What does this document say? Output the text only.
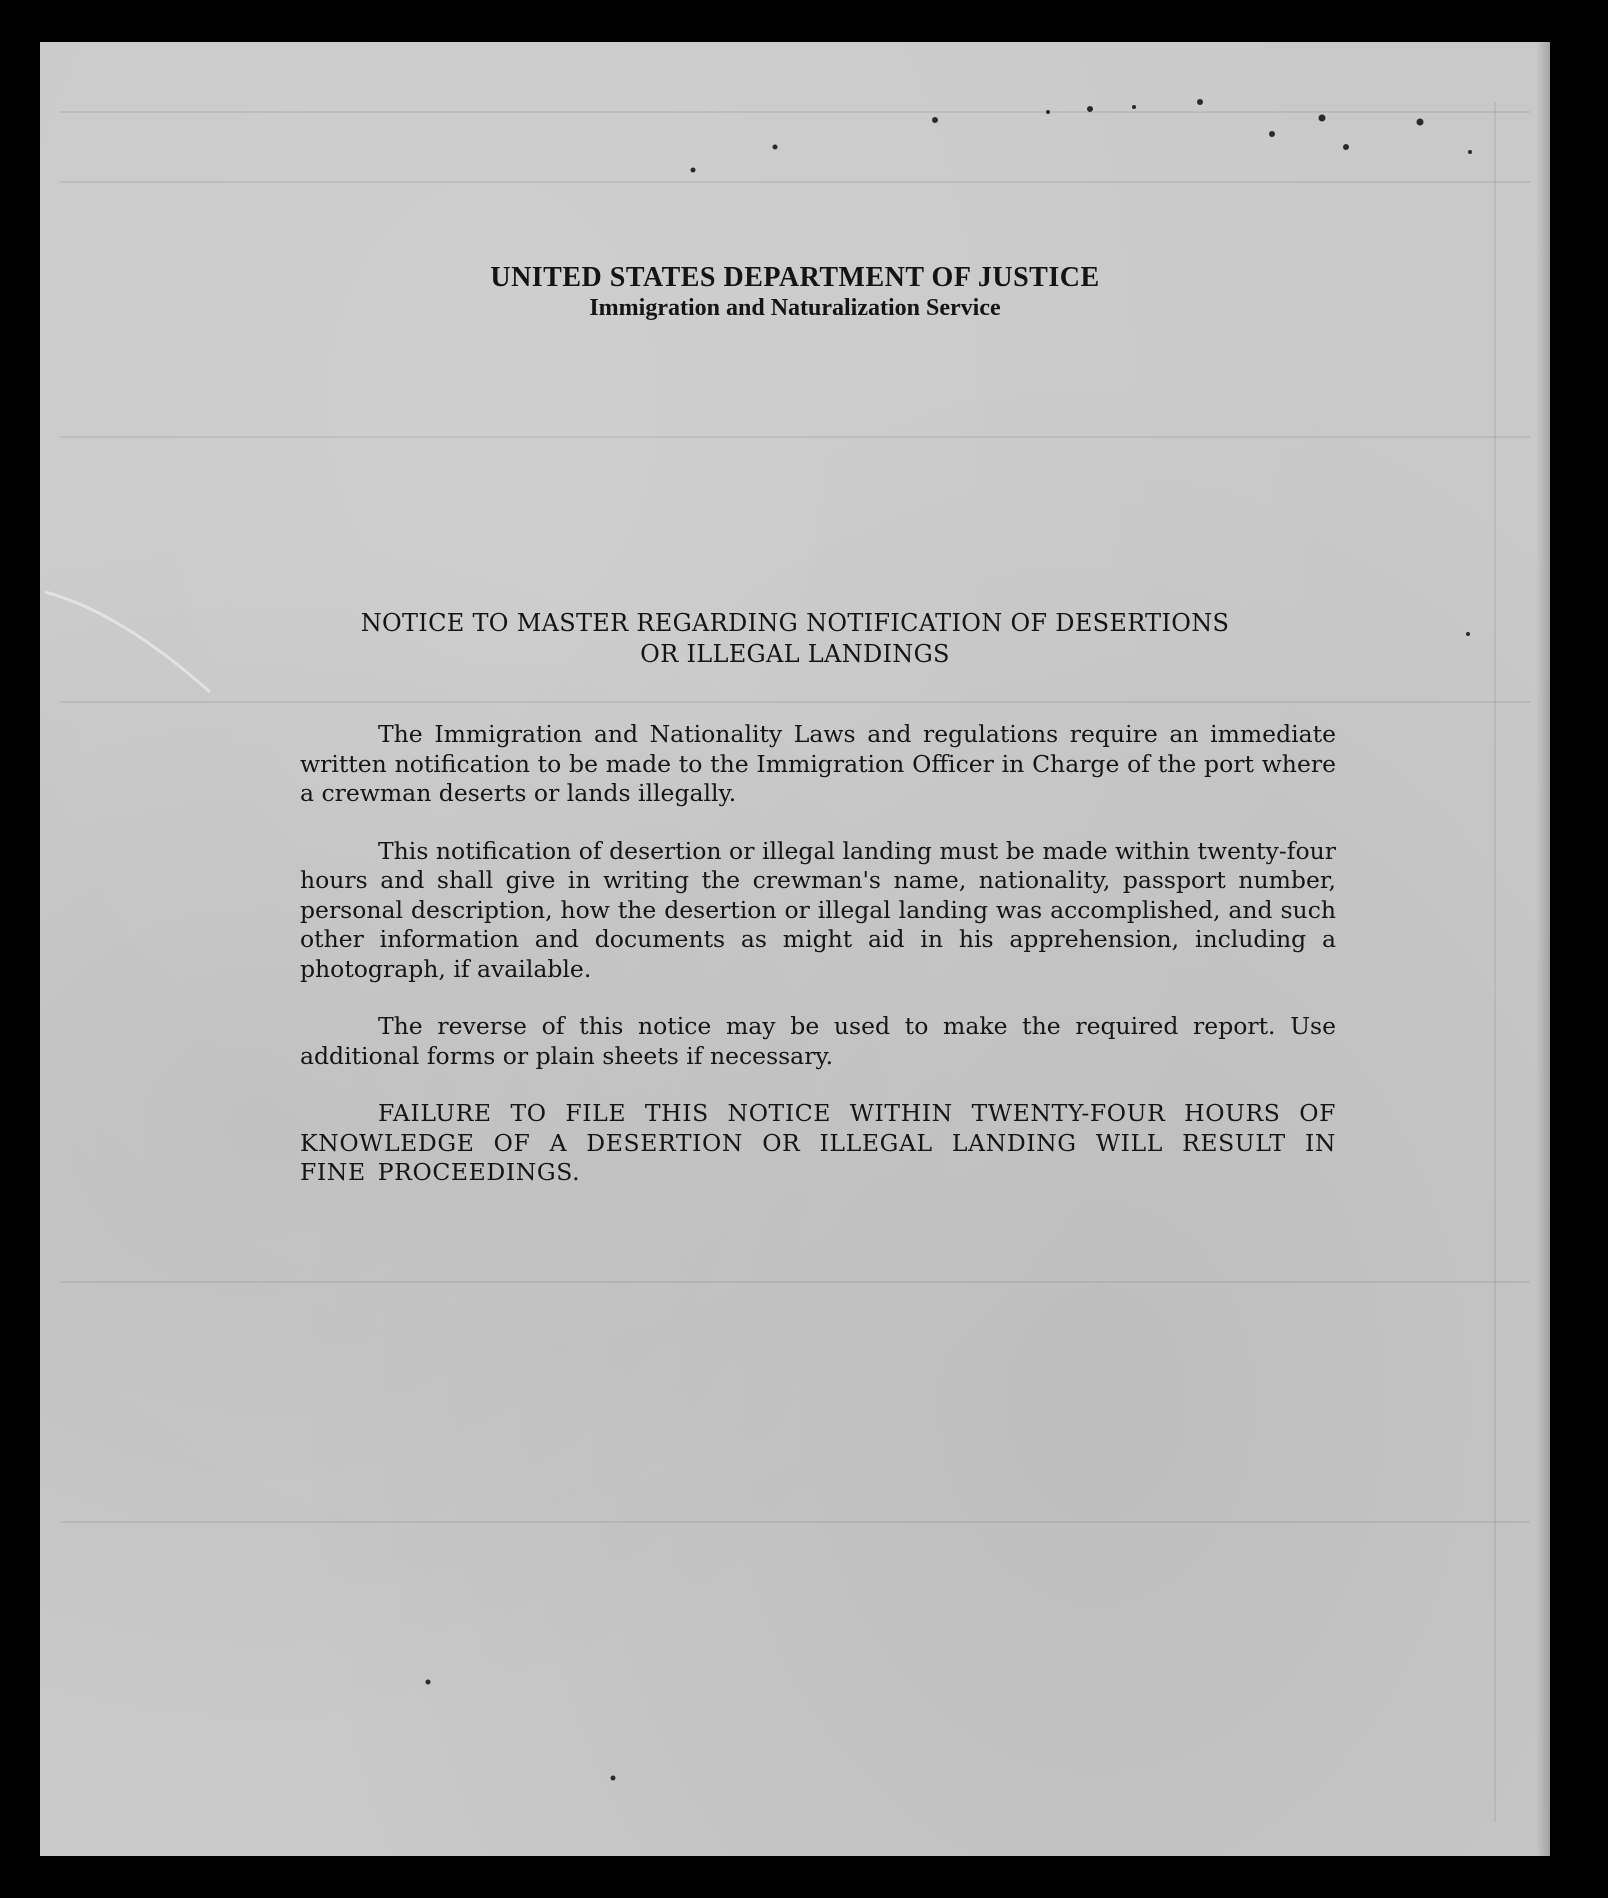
UNITED STATES DEPARTMENT OF JUSTICE
Immigration and Naturalization Service
NOTICE TO MASTER REGARDING NOTIFICATION OF DESERTIONS
OR ILLEGAL LANDINGS

The Immigration and Nationality Laws and regulations require an immediate written notification to be made to the Immigration Officer in Charge of the port where a crewman deserts or lands illegally.

This notification of desertion or illegal landing must be made within twenty-four hours and shall give in writing the crewman's name, nationality, passport number, personal description, how the desertion or illegal landing was accomplished, and such other information and documents as might aid in his apprehension, including a photograph, if available.

The reverse of this notice may be used to make the required report. Use additional forms or plain sheets if necessary.

FAILURE TO FILE THIS NOTICE WITHIN TWENTY-FOUR HOURS OF KNOWLEDGE OF A DESERTION OR ILLEGAL LANDING WILL RESULT IN FINE PROCEEDINGS.
